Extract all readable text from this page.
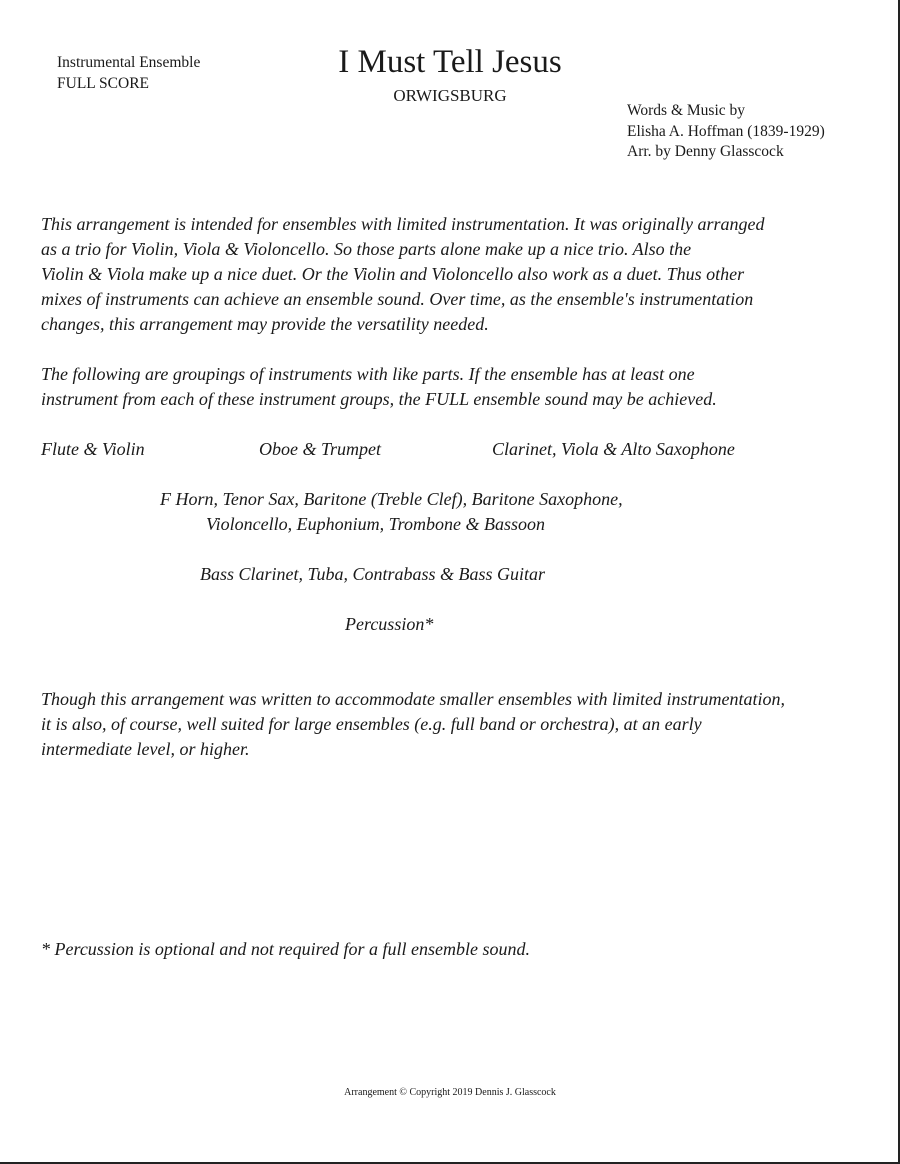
Instrumental Ensemble
FULL SCORE
I Must Tell Jesus
ORWIGSBURG
Words & Music by
Elisha A. Hoffman (1839-1929)
Arr. by Denny Glasscock
This arrangement is intended for ensembles with limited instrumentation. It was originally arranged
as a trio for Violin, Viola & Violoncello. So those parts alone make up a nice trio. Also the
Violin & Viola make up a nice duet. Or the Violin and Violoncello also work as a duet. Thus other
mixes of instruments can achieve an ensemble sound. Over time, as the ensemble's instrumentation
changes, this arrangement may provide the versatility needed.
The following are groupings of instruments with like parts. If the ensemble has at least one
instrument from each of these instrument groups, the FULL ensemble sound may be achieved.
Flute & Violin	Oboe & Trumpet	Clarinet, Viola & Alto Saxophone
F Horn, Tenor Sax, Baritone (Treble Clef), Baritone Saxophone,
Violoncello, Euphonium, Trombone & Bassoon
Bass Clarinet, Tuba, Contrabass & Bass Guitar
Percussion*
Though this arrangement was written to accommodate smaller ensembles with limited instrumentation,
it is also, of course, well suited for large ensembles (e.g. full band or orchestra), at an early
intermediate level, or higher.
* Percussion is optional and not required for a full ensemble sound.
Arrangement © Copyright 2019 Dennis J. Glasscock
